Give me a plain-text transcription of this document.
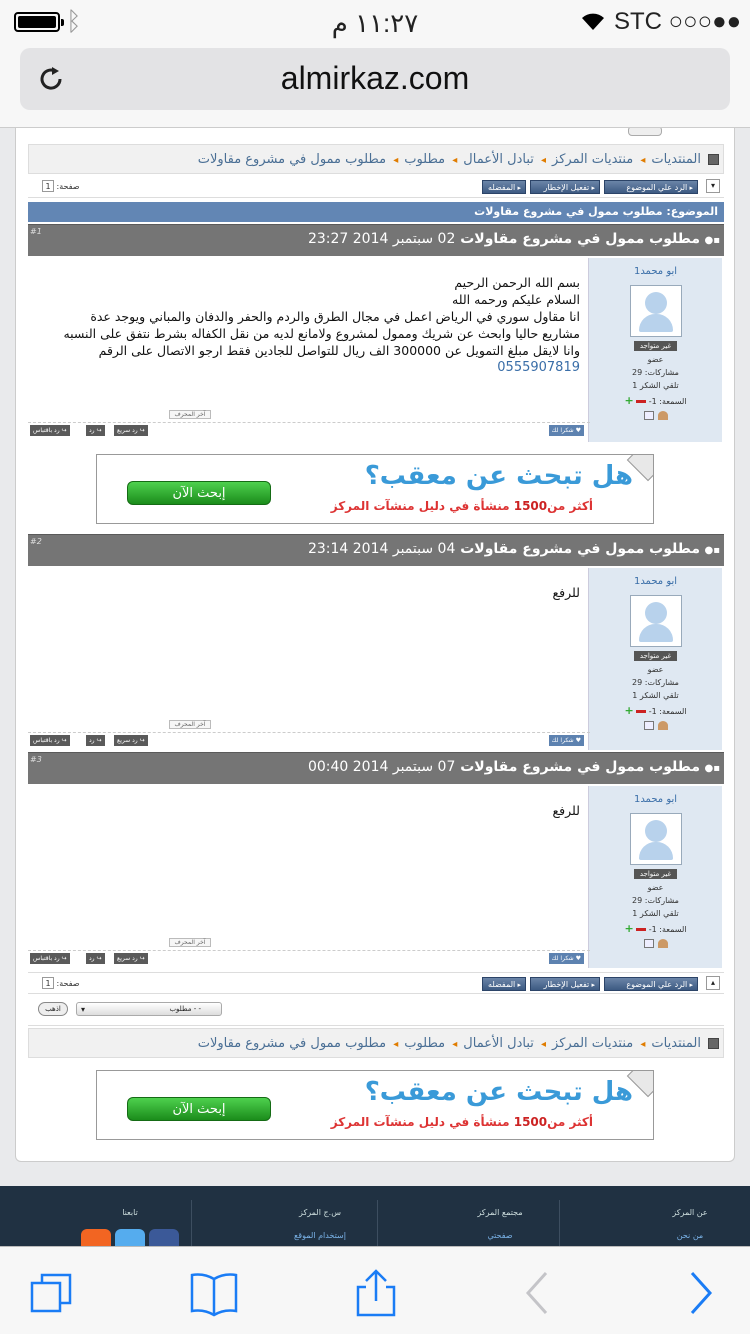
ᛒ	١١:٢٧ م	STC ○○○●●
almirkaz.com
المنتديات◂ منتديات المركز◂ تبادل الأعمال◂ مطلوب◂ مطلوب ممول في مشروع مقاولات
▾
▸ الرد علي الموضوع
▸ تفعيل الإخطار
▸ المفضله
صفحة: 1
الموضوع: مطلوب ممول في مشروع مقاولات
▪●
مطلوب ممول في مشروع مقاولات 02 سبتمبر 2014 23:27
#1
ابو محمد1
غير متواجد
عضو
مشاركات: 29
تلقي الشكر 1
السمعة: 1-  +
بسم الله الرحمن الرحيم
السلام عليكم ورحمه الله
انا مقاول سوري في الرياض اعمل في مجال الطرق والردم والحفر والدفان والمباني ويوجد عدة
مشاريع حاليا وابحث عن شريك وممول لمشروع ولامانع لديه من نقل الكفاله بشرط نتفق على النسبه
وانا لايقل مبلغ التمويل عن 300000 الف ريال للتواصل للجادين فقط ارجو الاتصال على الرقم
0555907819
آخر المحرف
↪ رد باقتباس	↪ رد	↪ رد سريع	♥ شكرا لك
هل تبحث عن معقب؟
أكثر من1500 منشأة في دليل منشآت المركز
إبحث الآن
▪●
مطلوب ممول في مشروع مقاولات 04 سبتمبر 2014 23:14
#2
ابو محمد1
غير متواجد
عضو
مشاركات: 29
تلقي الشكر 1
السمعة: 1-  +
للرفع
آخر المحرف
↪ رد باقتباس	↪ رد	↪ رد سريع	♥ شكرا لك
▪●
مطلوب ممول في مشروع مقاولات 07 سبتمبر 2014 00:40
#3
ابو محمد1
غير متواجد
عضو
مشاركات: 29
تلقي الشكر 1
السمعة: 1-  +
للرفع
آخر المحرف
↪ رد باقتباس	↪ رد	↪ رد سريع	♥ شكرا لك
▴
▸ الرد علي الموضوع
▸ تفعيل الإخطار
▸ المفضله
صفحة: 1
- - مطلوب ▾
اذهب
المنتديات◂ منتديات المركز◂ تبادل الأعمال◂ مطلوب◂ مطلوب ممول في مشروع مقاولات
هل تبحث عن معقب؟
أكثر من1500 منشأة في دليل منشآت المركز
إبحث الآن
عن المركز
من نحن
مجتمع المركز
صفحتي
س.ج المركز
إستخدام الموقع
تابعنا
